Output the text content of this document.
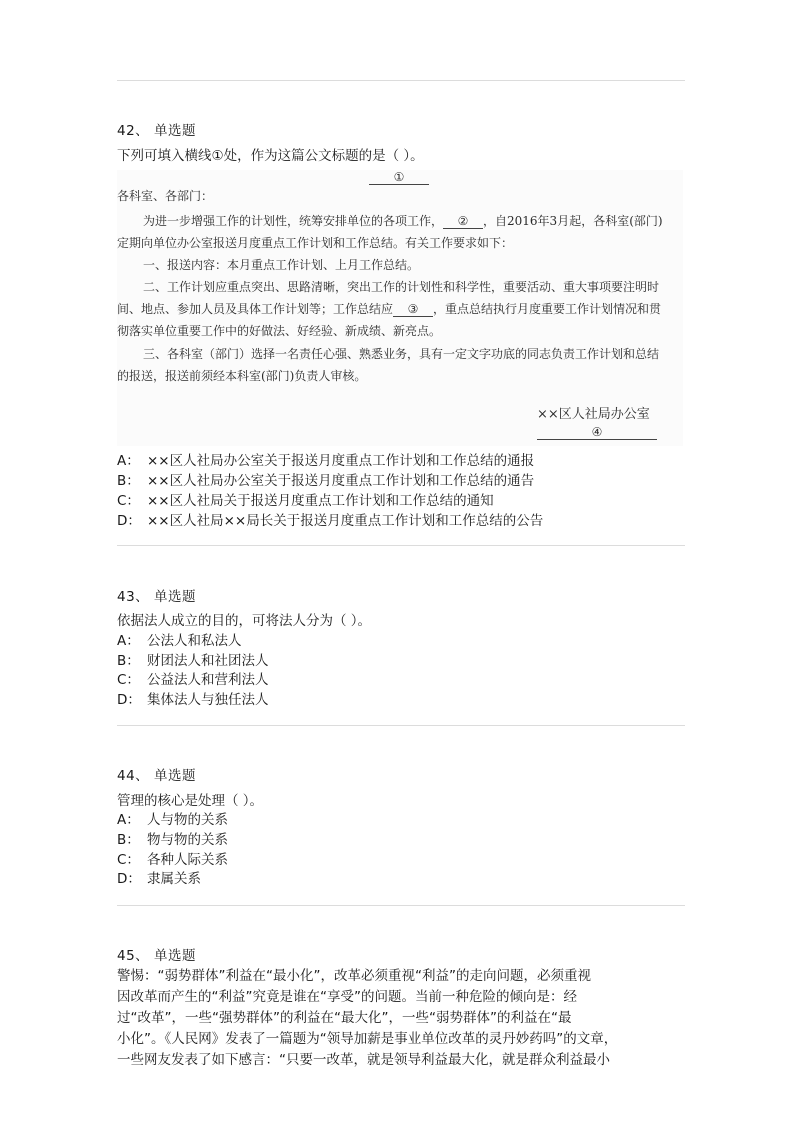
42、 单选题
下列可填入横线①处，作为这篇公文标题的是（ ）。
①
各科室、各部门：
为进一步增强工作的计划性，统筹安排单位的各项工作， ② ，自2016年3月起，各科室(部门)
定期向单位办公室报送月度重点工作计划和工作总结。有关工作要求如下：
一、报送内容：本月重点工作计划、上月工作总结。
二、工作计划应重点突出、思路清晰，突出工作的计划性和科学性，重要活动、重大事项要注明时
间、地点、参加人员及具体工作计划等；工作总结应 ③ ，重点总结执行月度重要工作计划情况和贯
彻落实单位重要工作中的好做法、好经验、新成绩、新亮点。
三、各科室（部门）选择一名责任心强、熟悉业务，具有一定文字功底的同志负责工作计划和总结
的报送，报送前须经本科室(部门)负责人审核。
××区人社局办公室
④
A： ××区人社局办公室关于报送月度重点工作计划和工作总结的通报
B： ××区人社局办公室关于报送月度重点工作计划和工作总结的通告
C： ××区人社局关于报送月度重点工作计划和工作总结的通知
D： ××区人社局××局长关于报送月度重点工作计划和工作总结的公告
43、 单选题
依据法人成立的目的，可将法人分为（ ）。
A： 公法人和私法人
B： 财团法人和社团法人
C： 公益法人和营利法人
D： 集体法人与独任法人
44、 单选题
管理的核心是处理（ ）。
A： 人与物的关系
B： 物与物的关系
C： 各种人际关系
D： 隶属关系
45、 单选题

警惕：“弱势群体”利益在“最小化”，改革必须重视“利益”的走向问题，必须重视

因改革而产生的“利益”究竟是谁在“享受”的问题。当前一种危险的倾向是：经

过“改革”，一些“强势群体”的利益在“最大化”，一些“弱势群体”的利益在“最

小化”。《人民网》发表了一篇题为“领导加薪是事业单位改革的灵丹妙药吗”的文章，

一些网友发表了如下感言：“只要一改革，就是领导利益最大化，就是群众利益最小
